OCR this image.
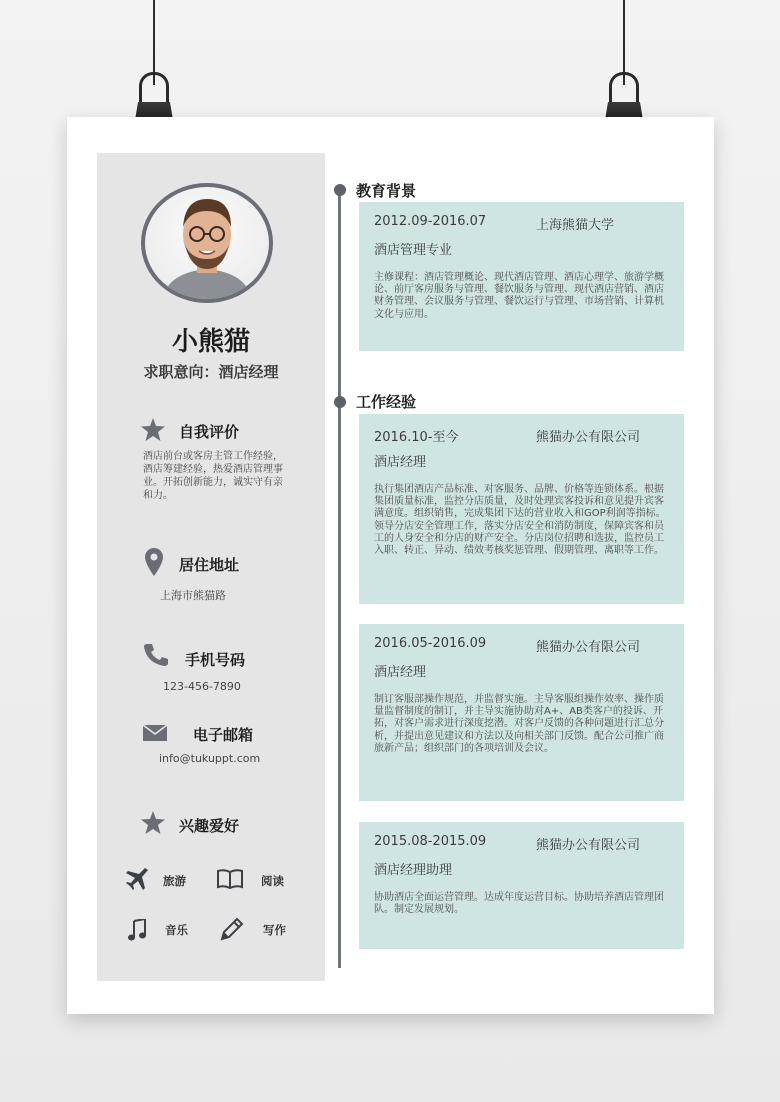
小熊猫
求职意向：酒店经理
自我评价
酒店前台或客房主管工作经验，酒店筹建经验，热爱酒店管理事业。开拓创新能力，诚实守有亲和力。
居住地址
上海市熊猫路
手机号码
123-456-7890
电子邮箱
info@tukuppt.com
兴趣爱好
旅游	阅读
音乐	写作
教育背景
工作经验
2012.09-2016.07	上海熊猫大学
酒店管理专业
主修课程：酒店管理概论、现代酒店管理、酒店心理学、旅游学概论、前厅客房服务与管理、餐饮服务与管理、现代酒店营销、酒店财务管理、会议服务与管理、餐饮运行与管理、市场营销、计算机文化与应用。
2016.10-至今	熊猫办公有限公司
酒店经理
执行集团酒店产品标准、对客服务、品牌、价格等连锁体系。根据集团质量标准，监控分店质量，及时处理宾客投诉和意见提升宾客满意度。组织销售，完成集团下达的营业收入和GOP利润等指标。领导分店安全管理工作，落实分店安全和消防制度，保障宾客和员工的人身安全和分店的财产安全。分店岗位招聘和选拔，监控员工入职、转正、异动、绩效考核奖惩管理、假期管理、离职等工作。
2016.05-2016.09	熊猫办公有限公司
酒店经理
制订客服部操作规范，并监督实施。主导客服组操作效率、操作质量监督制度的制订，并主导实施协助对A+、AB类客户的投诉、开拓，对客户需求进行深度挖潜。对客户反馈的各种问题进行汇总分析，并提出意见建议和方法以及向相关部门反馈。配合公司推广商旅新产品；组织部门的各项培训及会议。
2015.08-2015.09	熊猫办公有限公司
酒店经理助理
协助酒店全面运营管理。达成年度运营目标。协助培养酒店管理团队。制定发展规划。
